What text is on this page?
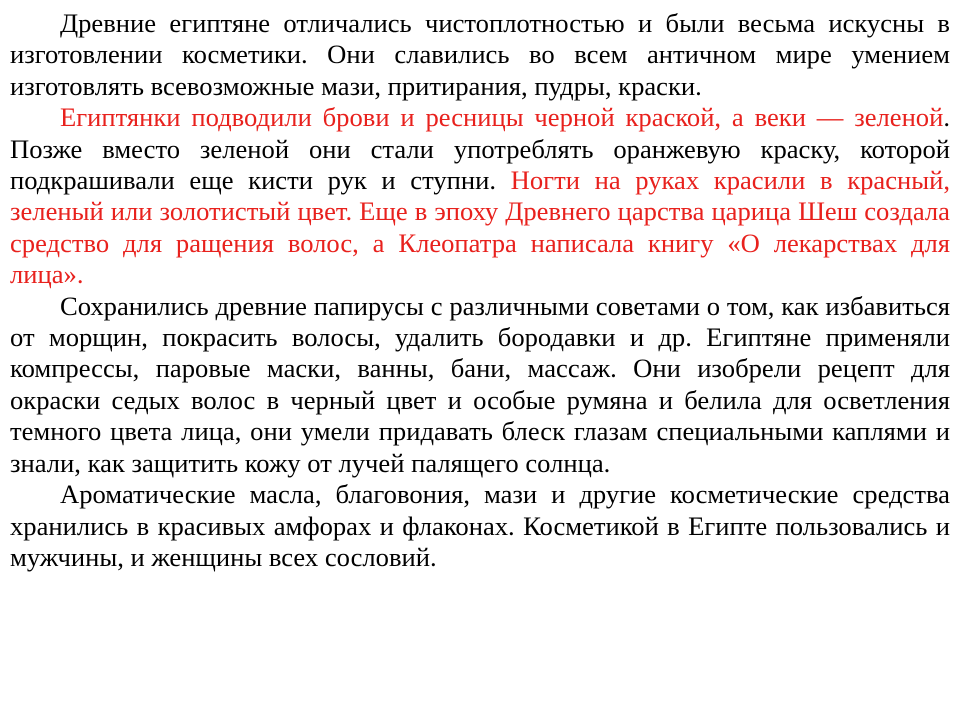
Древние египтяне отличались чистоплотностью и были весьма искусны в изготовлении косметики. Они славились во всем античном мире умением изготовлять всевозможные мази, притирания, пудры, краски.

Египтянки подводили брови и ресницы черной краской, а веки — зеленой. Позже вместо зеленой они стали употреблять оранжевую краску, которой подкрашивали еще кисти рук и ступни. Ногти на руках красили в красный, зеленый или золотистый цвет. Еще в эпоху Древнего царства царица Шеш создала средство для ращения волос, а Клеопатра написала книгу «О лекарствах для лица».

Сохранились древние папирусы с различными советами о том, как избавиться от морщин, покрасить волосы, удалить бородавки и др. Египтяне применяли компрессы, паровые маски, ванны, бани, массаж. Они изобрели рецепт для окраски седых волос в черный цвет и особые румяна и белила для осветления темного цвета лица, они умели придавать блеск глазам специальными каплями и знали, как защитить кожу от лучей палящего солнца.

Ароматические масла, благовония, мази и другие косметические средства хранились в красивых амфорах и флаконах. Косметикой в Египте пользовались и мужчины, и женщины всех сословий.
